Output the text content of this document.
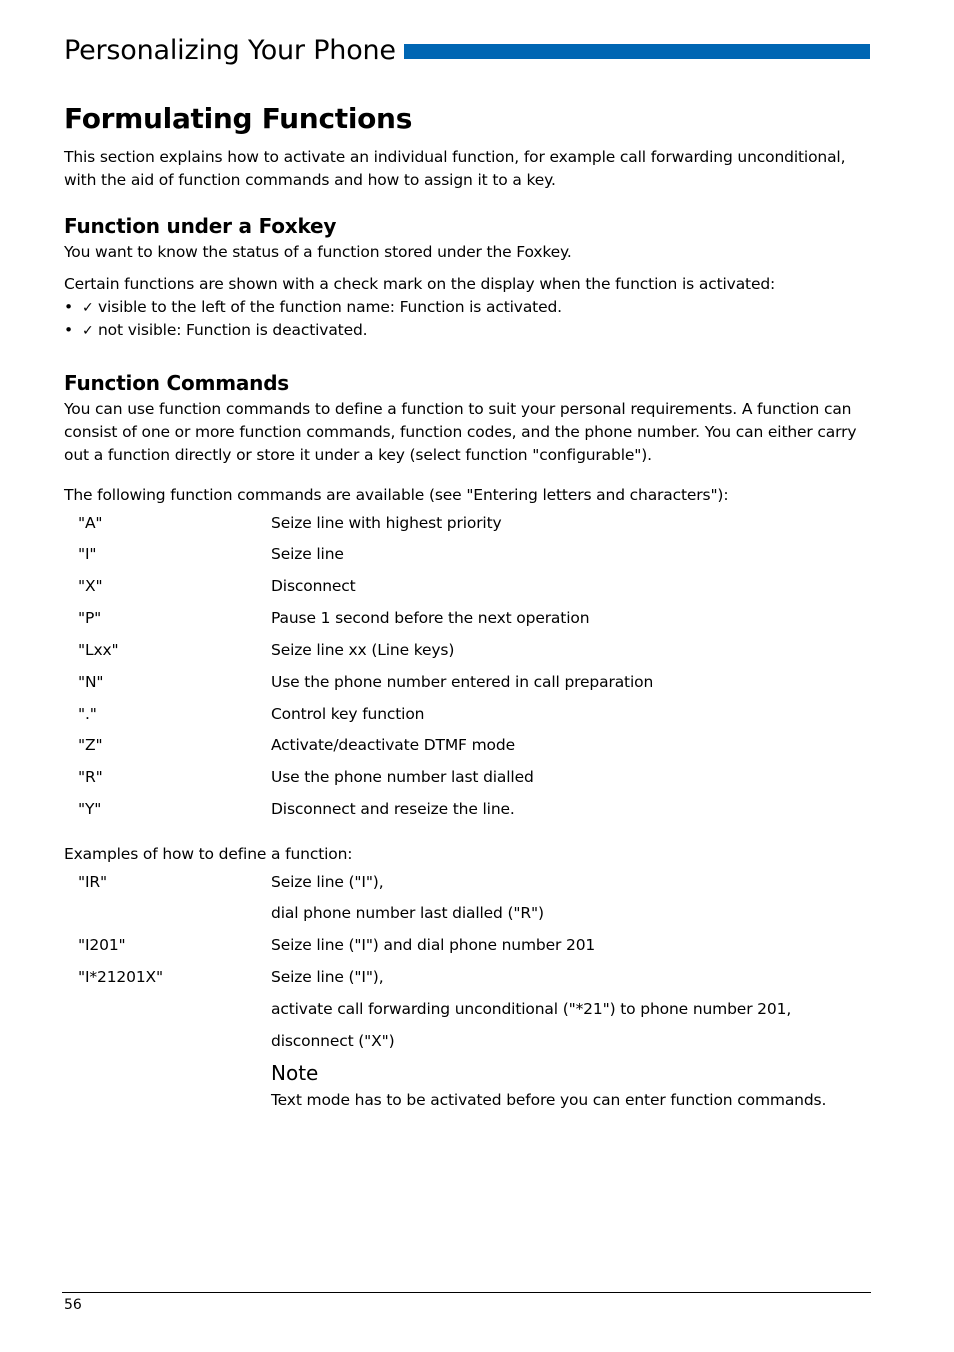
Personalizing Your Phone
Formulating Functions

This section explains how to activate an individual function, for example call forwarding unconditional, with the aid of function commands and how to assign it to a key.

Function under a Foxkey

You want to know the status of a function stored under the Foxkey.

Certain functions are shown with a check mark on the display when the function is activated:

• ✓ visible to the left of the function name: Function is activated.
• ✓ not visible: Function is deactivated.
Function Commands

You can use function commands to define a function to suit your personal requirements. A function can consist of one or more function commands, function codes, and the phone number. You can either carry out a function directly or store it under a key (select function "configurable").

The following function commands are available (see "Entering letters and characters"):

"A"	Seize line with highest priority
"I"	Seize line
"X"	Disconnect
"P"	Pause 1 second before the next operation
"Lxx"	Seize line xx (Line keys)
"N"	Use the phone number entered in call preparation
"."	Control key function
"Z"	Activate/deactivate DTMF mode
"R"	Use the phone number last dialled
"Y"	Disconnect and reseize the line.

Examples of how to define a function:

"IR"	Seize line ("I"),
dial phone number last dialled ("R")
"I201"	Seize line ("I") and dial phone number 201
"I*21201X"	Seize line ("I"),
activate call forwarding unconditional ("*21") to phone number 201,
disconnect ("X")
Note
Text mode has to be activated before you can enter function commands.
56
